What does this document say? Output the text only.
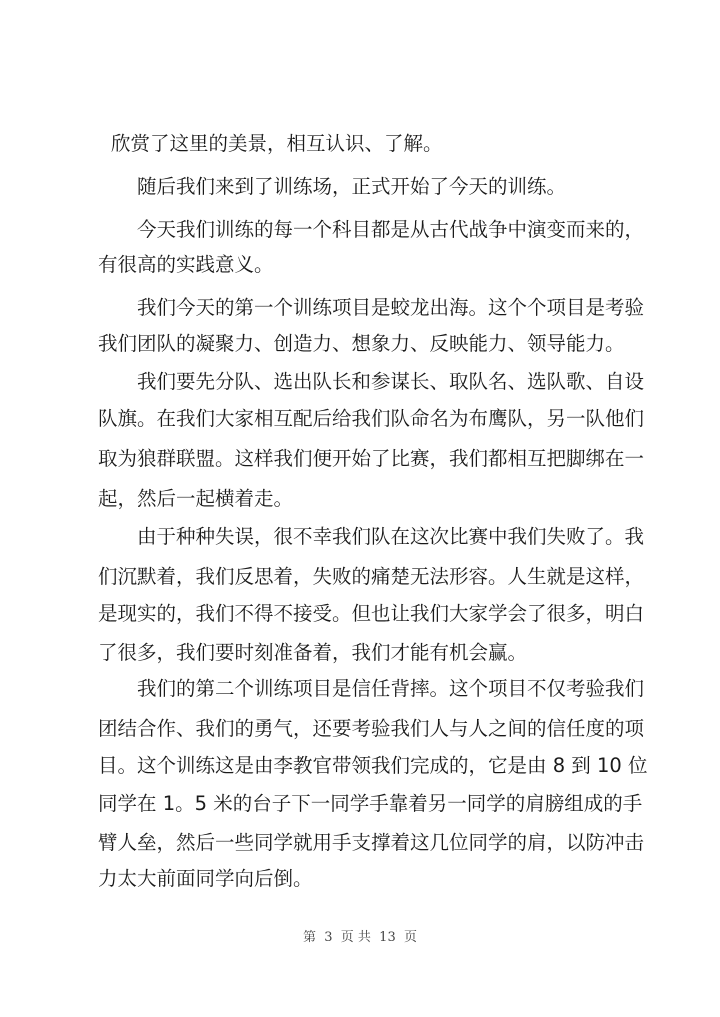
欣赏了这里的美景，相互认识、了解。
随后我们来到了训练场，正式开始了今天的训练。
今天我们训练的每一个科目都是从古代战争中演变而来的，
有很高的实践意义。
我们今天的第一个训练项目是蛟龙出海。这个个项目是考验
我们团队的凝聚力、创造力、想象力、反映能力、领导能力。
我们要先分队、选出队长和参谋长、取队名、选队歌、自设
队旗。在我们大家相互配后给我们队命名为布鹰队，另一队他们
取为狼群联盟。这样我们便开始了比赛，我们都相互把脚绑在一
起，然后一起横着走。
由于种种失误，很不幸我们队在这次比赛中我们失败了。我
们沉默着，我们反思着，失败的痛楚无法形容。人生就是这样，
是现实的，我们不得不接受。但也让我们大家学会了很多，明白
了很多，我们要时刻准备着，我们才能有机会赢。
我们的第二个训练项目是信任背摔。这个项目不仅考验我们
团结合作、我们的勇气，还要考验我们人与人之间的信任度的项
目。这个训练这是由李教官带领我们完成的，它是由 8 到 10 位
同学在 1。5 米的台子下一同学手靠着另一同学的肩膀组成的手
臂人垒，然后一些同学就用手支撑着这几位同学的肩，以防冲击
力太大前面同学向后倒。
第  3  页 共  13  页
